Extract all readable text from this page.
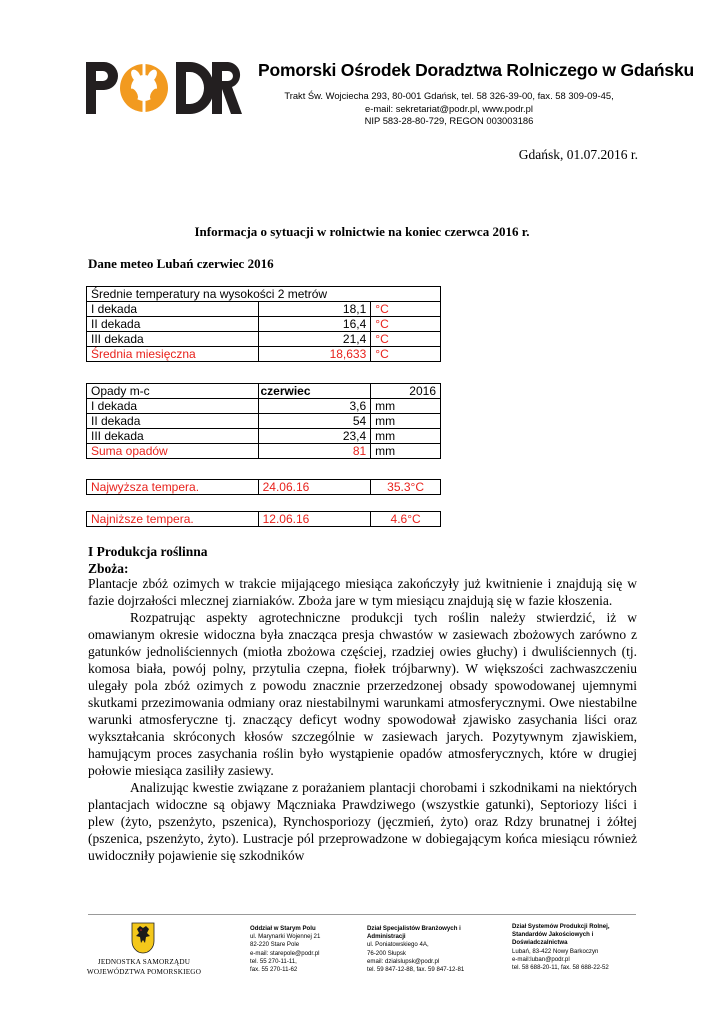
Pomorski Ośrodek Doradztwa Rolniczego w Gdańsku
Trakt Św. Wojciecha 293, 80-001 Gdańsk, tel. 58 326-39-00, fax. 58 309-09-45,
e-mail: sekretariat@podr.pl, www.podr.pl
NIP 583-28-80-729, REGON 003003186
Gdańsk, 01.07.2016 r.
Informacja o sytuacji w rolnictwie na koniec czerwca 2016 r.
Dane meteo Lubań czerwiec 2016
Średnie temperatury na wysokości 2 metrów		
I dekada	18,1	°C
II dekada	16,4	°C
III dekada	21,4	°C
Średnia miesięczna	18,633	°C
Opady m-c	czerwiec	2016
I dekada	3,6	mm
II dekada	54	mm
III dekada	23,4	mm
Suma opadów	81	mm
Najwyższa tempera.	24.06.16	35.3°C
Najniższe tempera.	12.06.16	4.6°C
I Produkcja roślinna
Zboża:

Plantacje zbóż ozimych w trakcie mijającego miesiąca zakończyły już kwitnienie i znajdują się w fazie dojrzałości mlecznej ziarniaków. Zboża jare w tym miesiącu znajdują się w fazie kłoszenia.

Rozpatrując aspekty agrotechniczne produkcji tych roślin należy stwierdzić, iż w omawianym okresie widoczna była znacząca presja chwastów w zasiewach zbożowych zarówno z gatunków jednoliściennych (miotła zbożowa częściej, rzadziej owies głuchy) i dwuliściennych (tj. komosa biała, powój polny, przytulia czepna, fiołek trójbarwny). W większości zachwaszczeniu ulegały pola zbóż ozimych z powodu znacznie przerzedzonej obsady spowodowanej ujemnymi skutkami przezimowania odmiany oraz niestabilnymi warunkami atmosferycznymi. Owe niestabilne warunki atmosferyczne tj. znaczący deficyt wodny spowodował zjawisko zasychania liści oraz wykształcania skróconych kłosów szczególnie w zasiewach jarych. Pozytywnym zjawiskiem, hamującym proces zasychania roślin było wystąpienie opadów atmosferycznych, które w drugiej połowie miesiąca zasiliły zasiewy.

Analizując kwestie związane z porażaniem plantacji chorobami i szkodnikami na niektórych plantacjach widoczne są objawy Mączniaka Prawdziwego (wszystkie gatunki), Septoriozy liści i plew (żyto, pszenżyto, pszenica), Rynchosporiozy (jęczmień, żyto) oraz Rdzy brunatnej i żółtej (pszenica, pszenżyto, żyto). Lustracje pól przeprowadzone w dobiegającym końca miesiącu również uwidoczniły pojawienie się szkodników

JEDNOSTKA SAMORZĄDU
WOJEWÓDZTWA POMORSKIEGO
Oddział w Starym Polu
ul. Marynarki Wojennej 21
82-220 Stare Pole
e-mail: starepole@podr.pl
tel. 55 270-11-11,
fax. 55 270-11-62
Dział Specjalistów Branżowych i Administracji
ul. Poniatowskiego 4A,
76-200 Słupsk
email: dzialslupsk@podr.pl
tel. 59 847-12-88, fax. 59 847-12-81
Dział Systemów Produkcji Rolnej, Standardów Jakościowych i Doświadczalnictwa
Lubań, 83-422 Nowy Barkoczyn
e-mail:luban@podr.pl
tel. 58 688-20-11, fax. 58 688-22-52
